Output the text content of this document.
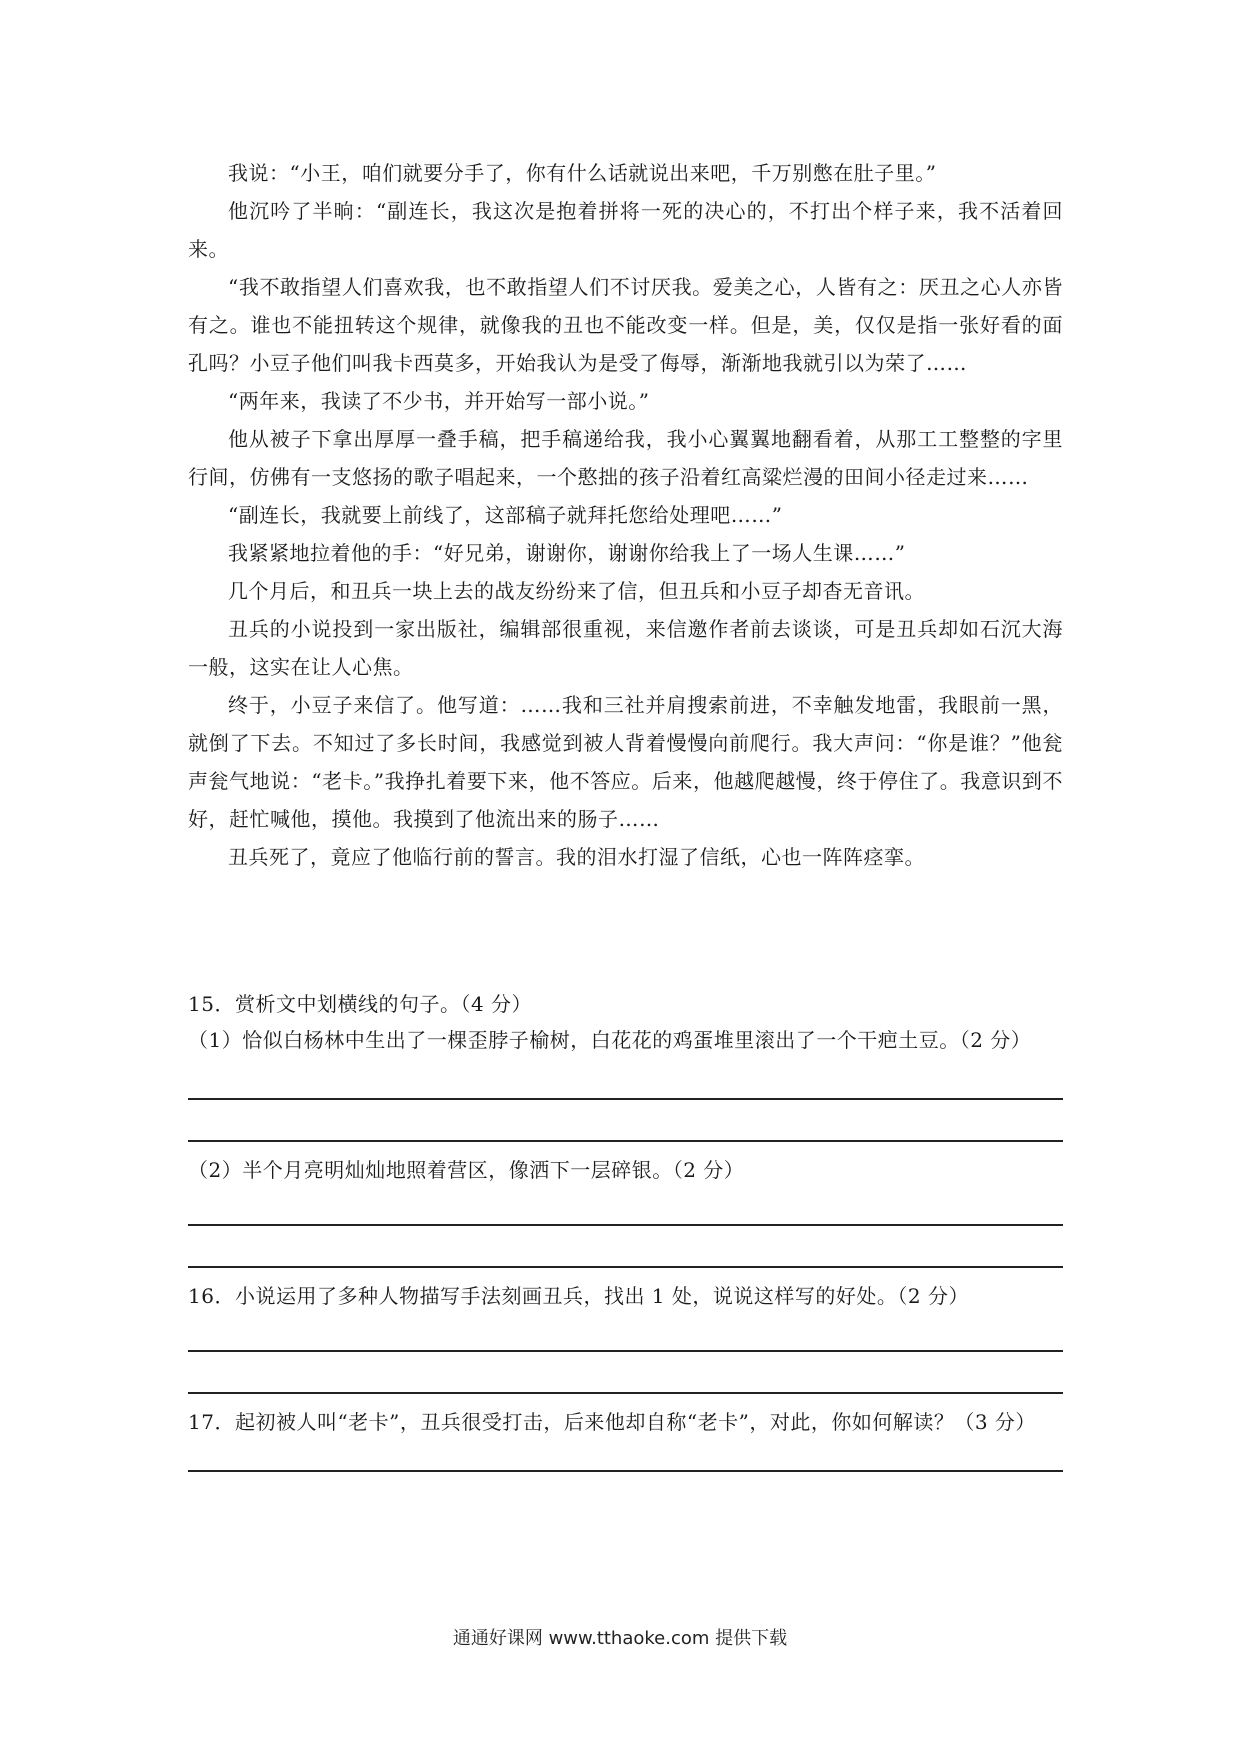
我说：“小王，咱们就要分手了，你有什么话就说出来吧，千万别憋在肚子里。”

他沉吟了半晌：“副连长，我这次是抱着拼将一死的决心的，不打出个样子来，我不活着回来。

“我不敢指望人们喜欢我，也不敢指望人们不讨厌我。爱美之心，人皆有之：厌丑之心人亦皆有之。谁也不能扭转这个规律，就像我的丑也不能改变一样。但是，美，仅仅是指一张好看的面孔吗？小豆子他们叫我卡西莫多，开始我认为是受了侮辱，渐渐地我就引以为荣了……

“两年来，我读了不少书，并开始写一部小说。”

他从被子下拿出厚厚一叠手稿，把手稿递给我，我小心翼翼地翻看着，从那工工整整的字里行间，仿佛有一支悠扬的歌子唱起来，一个憨拙的孩子沿着红高粱烂漫的田间小径走过来……

“副连长，我就要上前线了，这部稿子就拜托您给处理吧……”

我紧紧地拉着他的手：“好兄弟，谢谢你，谢谢你给我上了一场人生课……”

几个月后，和丑兵一块上去的战友纷纷来了信，但丑兵和小豆子却杳无音讯。

丑兵的小说投到一家出版社，编辑部很重视，来信邀作者前去谈谈，可是丑兵却如石沉大海一般，这实在让人心焦。

终于，小豆子来信了。他写道：……我和三社并肩搜索前进，不幸触发地雷，我眼前一黑，就倒了下去。不知过了多长时间，我感觉到被人背着慢慢向前爬行。我大声问：“你是谁？”他瓮声瓮气地说：“老卡。”我挣扎着要下来，他不答应。后来，他越爬越慢，终于停住了。我意识到不好，赶忙喊他，摸他。我摸到了他流出来的肠子……

丑兵死了，竟应了他临行前的誓言。我的泪水打湿了信纸，心也一阵阵痉挛。

15．赏析文中划横线的句子。（4 分）

（1）恰似白杨林中生出了一棵歪脖子榆树，白花花的鸡蛋堆里滚出了一个干疤土豆。（2 分）

（2）半个月亮明灿灿地照着营区，像洒下一层碎银。（2 分）

16．小说运用了多种人物描写手法刻画丑兵，找出 1 处，说说这样写的好处。（2 分）

17．起初被人叫“老卡”，丑兵很受打击，后来他却自称“老卡”，对此，你如何解读？（3 分）

通通好课网 www.tthaoke.com 提供下载
